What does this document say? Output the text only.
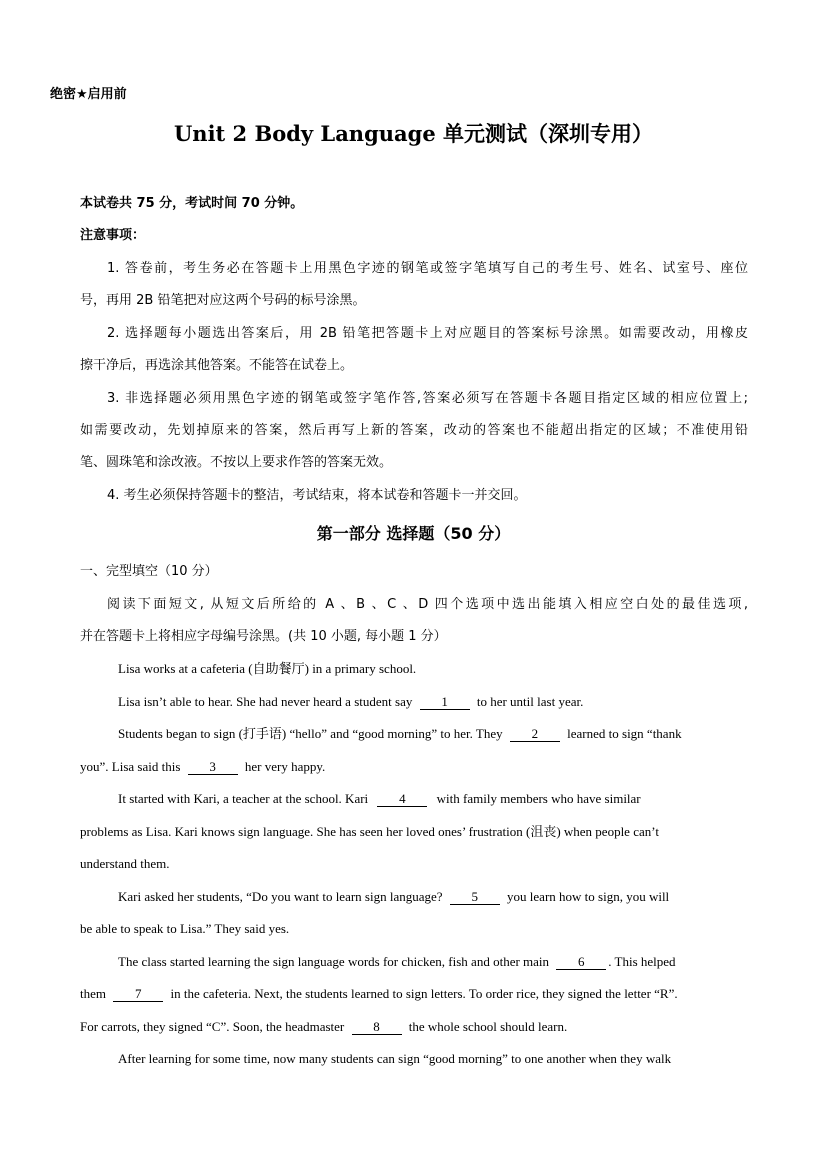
绝密★启用前
Unit 2 Body Language 单元测试（深圳专用）
本试卷共 75 分，考试时间 70 分钟。
注意事项：
1. 答卷前，考生务必在答题卡上用黑色字迹的钢笔或签字笔填写自己的考生号、姓名、试室号、座位
号，再用 2B 铅笔把对应这两个号码的标号涂黑。
2. 选择题每小题选出答案后，用 2B 铅笔把答题卡上对应题目的答案标号涂黑。如需要改动，用橡皮
擦干净后，再选涂其他答案。不能答在试卷上。
3. 非选择题必须用黑色字迹的钢笔或签字笔作答,答案必须写在答题卡各题目指定区域的相应位置上;
如需要改动，先划掉原来的答案，然后再写上新的答案，改动的答案也不能超出指定的区域；不准使用铅
笔、圆珠笔和涂改液。不按以上要求作答的答案无效。
4. 考生必须保持答题卡的整洁，考试结束，将本试卷和答题卡一并交回。
第一部分 选择题（50 分）
一、完型填空（10 分）
阅读下面短文, 从短文后所给的 A 、B 、C 、D 四个选项中选出能填入相应空白处的最佳选项,
并在答题卡上将相应字母编号涂黑。(共 10 小题, 每小题 1 分）
Lisa works at a cafeteria (自助餐厅) in a primary school.
Lisa isn’t able to hear. She had never heard a student say 1 to her until last year.
Students began to sign (打手语) “hello” and “good morning” to her. They 2 learned to sign “thank
you”. Lisa said this 3 her very happy.
It started with Kari, a teacher at the school. Kari 4 with family members who have similar
problems as Lisa. Kari knows sign language. She has seen her loved ones’ frustration (沮丧) when people can’t
understand them.
Kari asked her students, “Do you want to learn sign language? 5 you learn how to sign, you will
be able to speak to Lisa.” They said yes.
The class started learning the sign language words for chicken, fish and other main 6 . This helped
them 7 in the cafeteria. Next, the students learned to sign letters. To order rice, they signed the letter “R”.
For carrots, they signed “C”. Soon, the headmaster 8 the whole school should learn.
After learning for some time, now many students can sign “good morning” to one another when they walk
